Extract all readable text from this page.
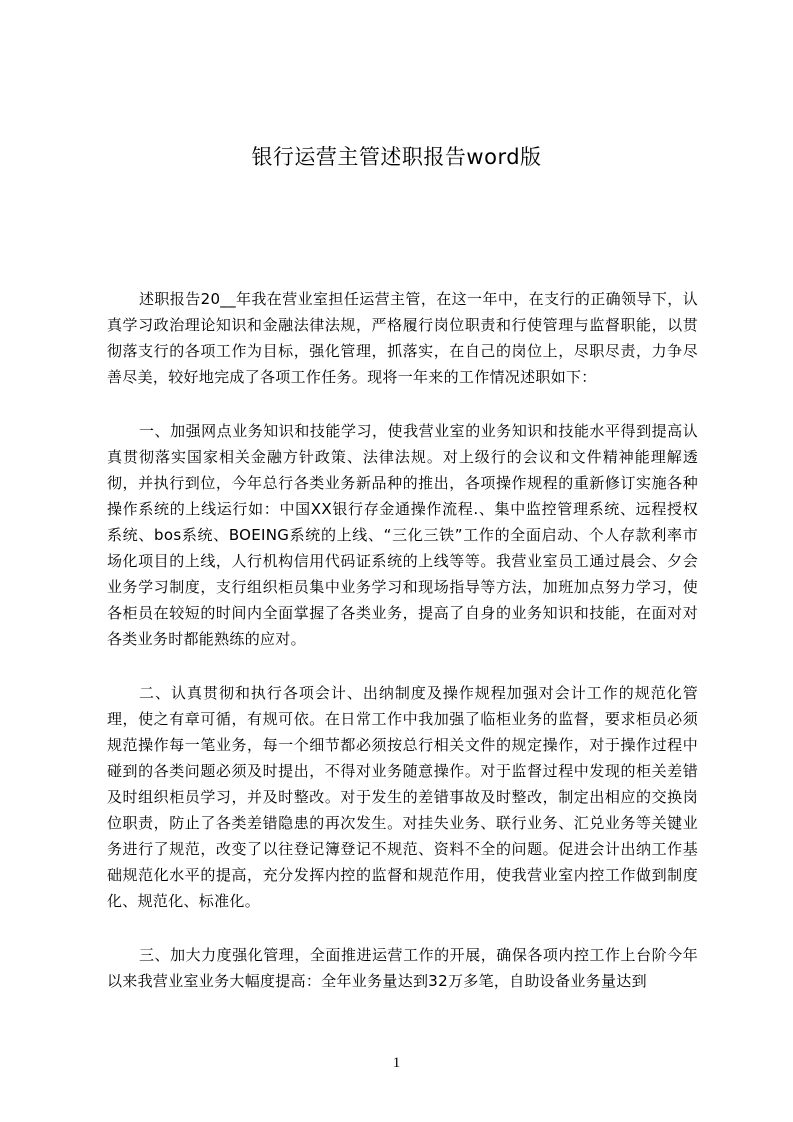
银行运营主管述职报告word版

述职报告20__年我在营业室担任运营主管，在这一年中，在支行的正确领导下，认真学习政治理论知识和金融法律法规，严格履行岗位职责和行使管理与监督职能，以贯彻落支行的各项工作为目标，强化管理，抓落实，在自己的岗位上，尽职尽责，力争尽善尽美，较好地完成了各项工作任务。现将一年来的工作情况述职如下：

一、加强网点业务知识和技能学习，使我营业室的业务知识和技能水平得到提高认真贯彻落实国家相关金融方针政策、法律法规。对上级行的会议和文件精神能理解透彻，并执行到位，今年总行各类业务新品种的推出，各项操作规程的重新修订实施各种操作系统的上线运行如：中国XX银行存金通操作流程.、集中监控管理系统、远程授权系统、bos系统、BOEING系统的上线、“三化三铁”工作的全面启动、个人存款利率市场化项目的上线，人行机构信用代码证系统的上线等等。我营业室员工通过晨会、夕会业务学习制度，支行组织柜员集中业务学习和现场指导等方法，加班加点努力学习，使各柜员在较短的时间内全面掌握了各类业务，提高了自身的业务知识和技能，在面对对各类业务时都能熟练的应对。

二、认真贯彻和执行各项会计、出纳制度及操作规程加强对会计工作的规范化管理，使之有章可循，有规可依。在日常工作中我加强了临柜业务的监督，要求柜员必须规范操作每一笔业务，每一个细节都必须按总行相关文件的规定操作，对于操作过程中碰到的各类问题必须及时提出，不得对业务随意操作。对于监督过程中发现的柜关差错及时组织柜员学习，并及时整改。对于发生的差错事故及时整改，制定出相应的交换岗位职责，防止了各类差错隐患的再次发生。对挂失业务、联行业务、汇兑业务等关键业务进行了规范，改变了以往登记簿登记不规范、资料不全的问题。促进会计出纳工作基础规范化水平的提高，充分发挥内控的监督和规范作用，使我营业室内控工作做到制度化、规范化、标准化。

三、加大力度强化管理，全面推进运营工作的开展，确保各项内控工作上台阶今年以来我营业室业务大幅度提高：全年业务量达到32万多笔，自助设备业务量达到

1
